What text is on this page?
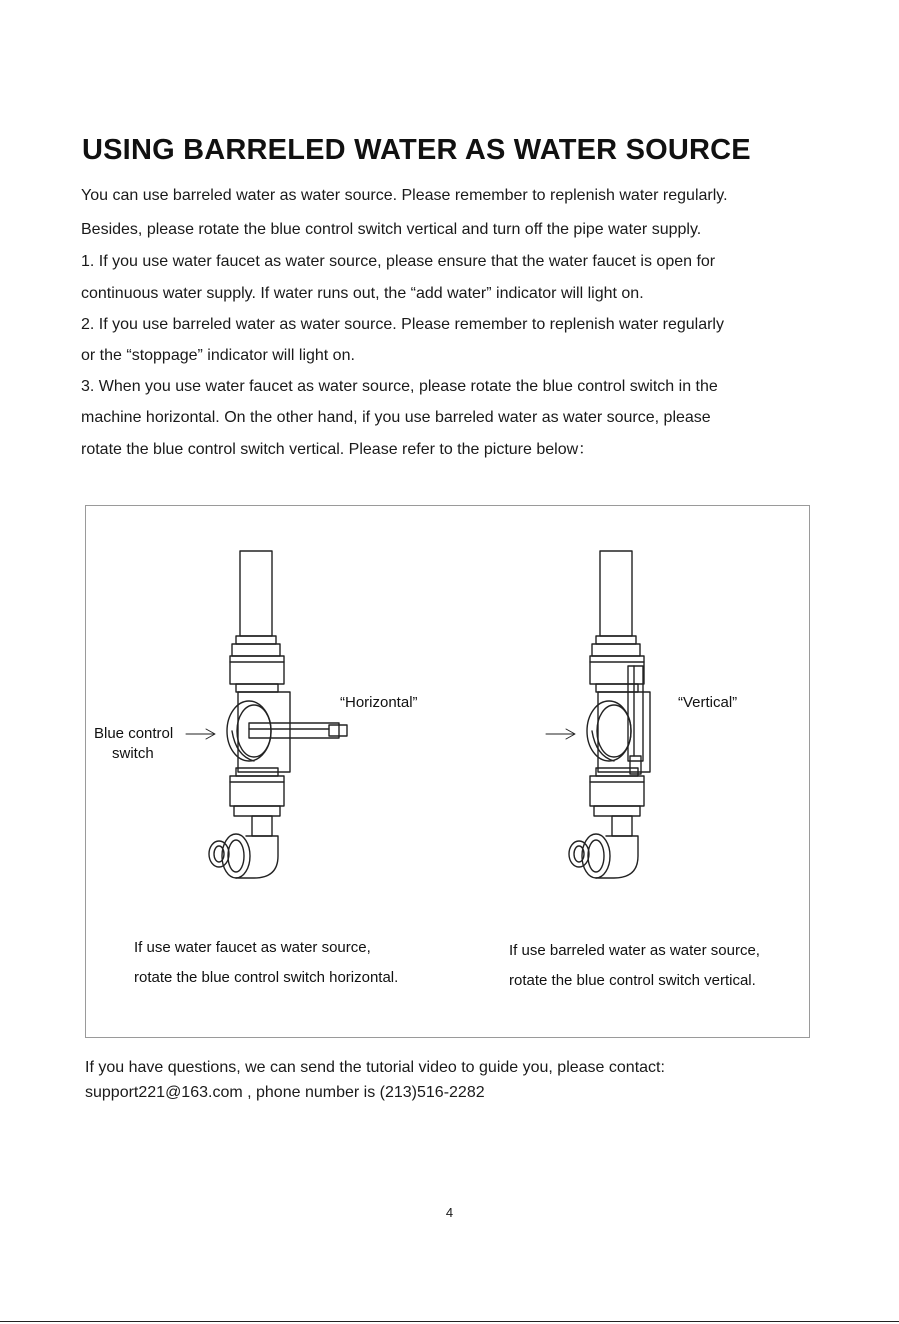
USING BARRELED WATER AS WATER SOURCE

You can use barreled water as water source. Please remember to replenish water regularly.

Besides, please rotate the blue control switch vertical and turn off the pipe water supply.

1. If you use water faucet as water source, please ensure that the water faucet is open for

continuous water supply. If water runs out, the “add water” indicator will light on.

2. If you use barreled water as water source. Please remember to replenish water regularly

or the “stoppage” indicator will light on.

3. When you use water faucet as water source, please rotate the blue control switch in the

machine horizontal. On the other hand, if you use barreled water as water source, please

rotate the blue control switch vertical. Please refer to the picture below：

“Horizontal”	“Vertical”
Blue control
switch
If use water faucet as water source,
rotate the blue control switch horizontal.
If use barreled water as water source,
rotate the blue control switch vertical.
If you have questions, we can send the tutorial video to guide you, please contact:
support221@163.com , phone number is (213)516-2282
4
